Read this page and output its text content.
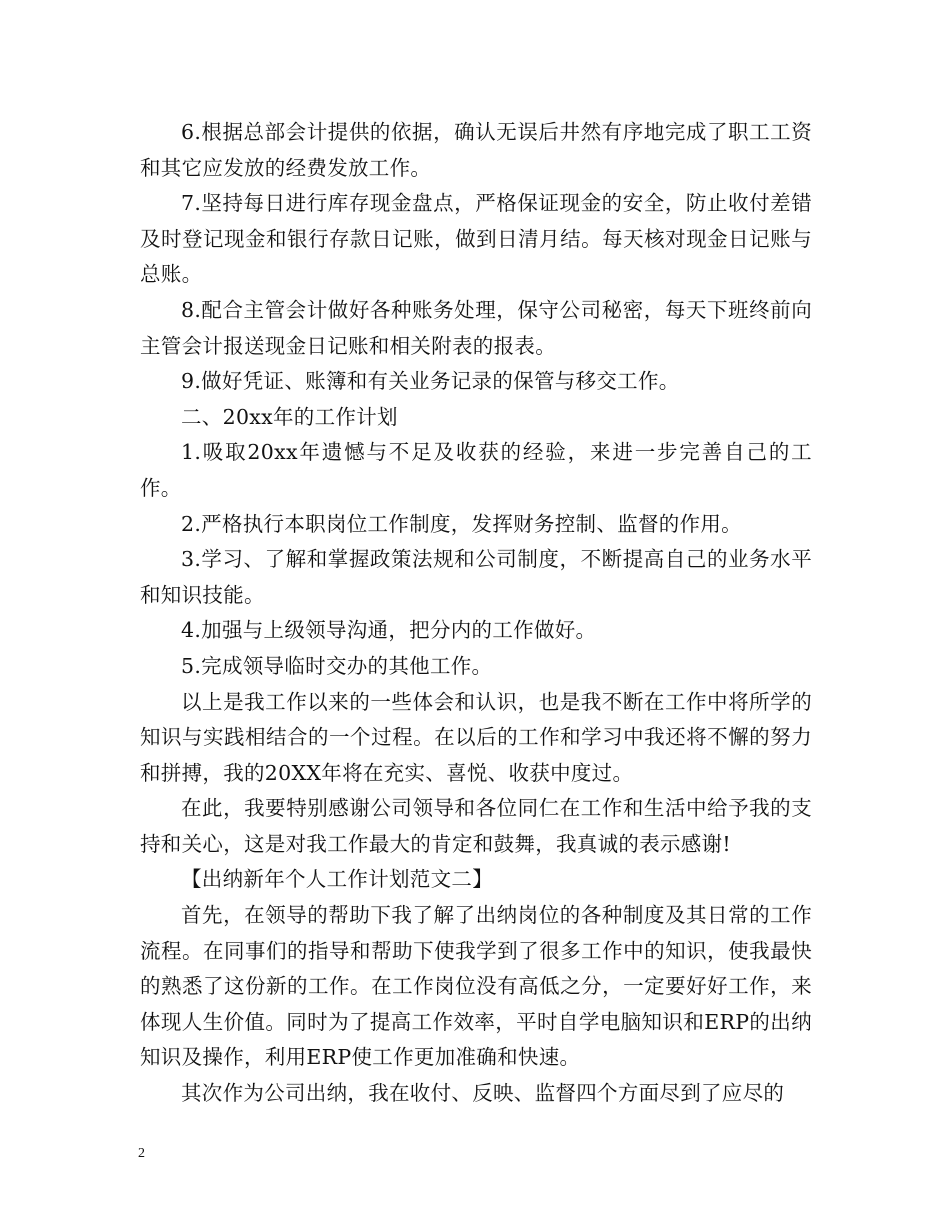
6.根据总部会计提供的依据，确认无误后井然有序地完成了职工工资和其它应发放的经费发放工作。

7.坚持每日进行库存现金盘点，严格保证现金的安全，防止收付差错及时登记现金和银行存款日记账，做到日清月结。每天核对现金日记账与总账。

8.配合主管会计做好各种账务处理，保守公司秘密，每天下班终前向主管会计报送现金日记账和相关附表的报表。

9.做好凭证、账簿和有关业务记录的保管与移交工作。

二、20xx年的工作计划

1.吸取20xx年遗憾与不足及收获的经验，来进一步完善自己的工作。

2.严格执行本职岗位工作制度，发挥财务控制、监督的作用。

3.学习、了解和掌握政策法规和公司制度，不断提高自己的业务水平和知识技能。

4.加强与上级领导沟通，把分内的工作做好。

5.完成领导临时交办的其他工作。

以上是我工作以来的一些体会和认识，也是我不断在工作中将所学的知识与实践相结合的一个过程。在以后的工作和学习中我还将不懈的努力和拼搏，我的20XX年将在充实、喜悦、收获中度过。

在此，我要特别感谢公司领导和各位同仁在工作和生活中给予我的支持和关心，这是对我工作最大的肯定和鼓舞，我真诚的表示感谢!

【出纳新年个人工作计划范文二】

首先，在领导的帮助下我了解了出纳岗位的各种制度及其日常的工作流程。在同事们的指导和帮助下使我学到了很多工作中的知识，使我最快的熟悉了这份新的工作。在工作岗位没有高低之分，一定要好好工作，来体现人生价值。同时为了提高工作效率，平时自学电脑知识和ERP的出纳知识及操作，利用ERP使工作更加准确和快速。

其次作为公司出纳，我在收付、反映、监督四个方面尽到了应尽的

2
